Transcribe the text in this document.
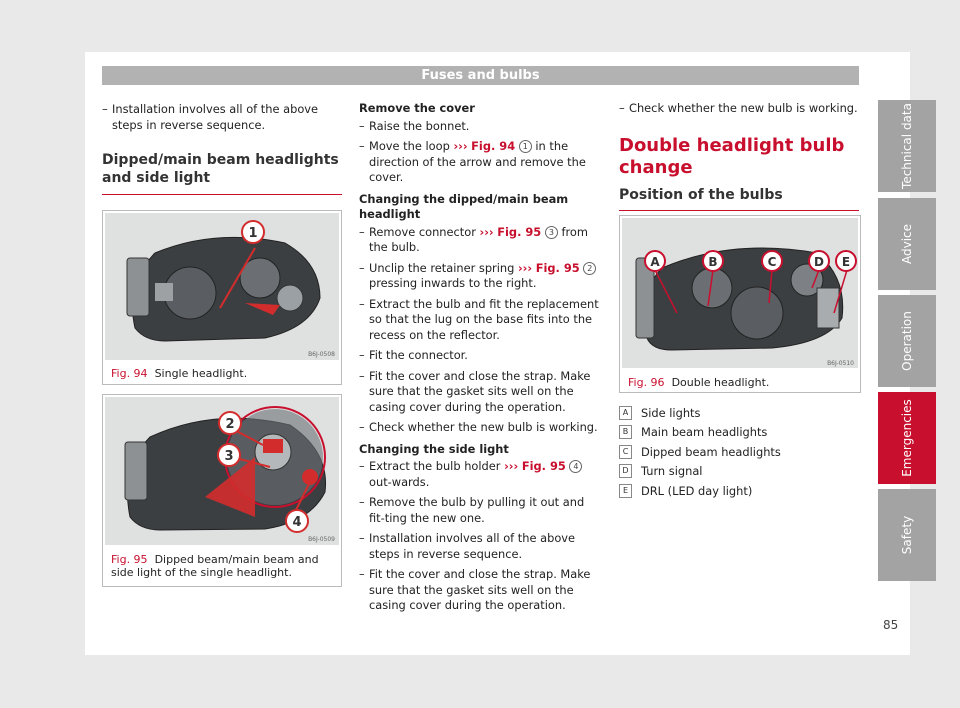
Fuses and bulbs
– Installation involves all of the above steps in reverse sequence.
Dipped/main beam headlights and side light
1
B6J-0508
Fig. 94 Single headlight.
2
3
4
B6J-0509
Fig. 95 Dipped beam/main beam and side light of the single headlight.
Remove the cover
– Raise the bonnet.
– Move the loop ››› Fig. 94 1 in the direction of the arrow and remove the cover.
Changing the dipped/main beam headlight
– Remove connector ››› Fig. 95 3 from the bulb.
– Unclip the retainer spring ››› Fig. 95 2 pressing inwards to the right.
– Extract the bulb and fit the replacement so that the lug on the base fits into the recess on the reflector.
– Fit the connector.
– Fit the cover and close the strap. Make sure that the gasket sits well on the casing cover during the operation.
– Check whether the new bulb is working.
Changing the side light
– Extract the bulb holder ››› Fig. 95 4 out-wards.
– Remove the bulb by pulling it out and fit-ting the new one.
– Installation involves all of the above steps in reverse sequence.
– Fit the cover and close the strap. Make sure that the gasket sits well on the casing cover during the operation.
– Check whether the new bulb is working.
Double headlight bulb change
Position of the bulbs
A	B	C	D E
B6J-0510
Fig. 96 Double headlight.
A	Side lights
B	Main beam headlights
C	Dipped beam headlights
D	Turn signal
E	DRL (LED day light)
Technical data
Advice
Operation
Emergencies
Safety
85
